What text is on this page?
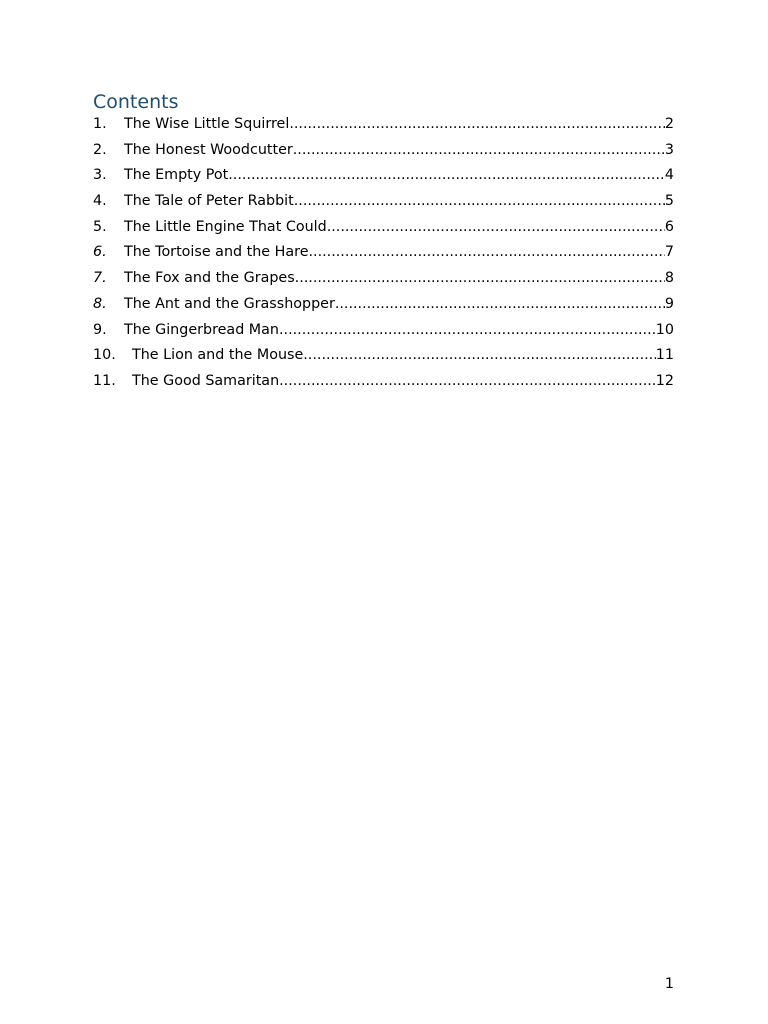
Contents
1.	The Wise Little Squirrel .....	2
2.	The Honest Woodcutter .....	3
3.	The Empty Pot .....	4
4.	The Tale of Peter Rabbit .....	5
5.	The Little Engine That Could .....	6
6.	The Tortoise and the Hare .....	7
7.	The Fox and the Grapes .....	8
8.	The Ant and the Grasshopper .....	9
9.	The Gingerbread Man .....	10
10.	The Lion and the Mouse .....	11
11.	The Good Samaritan .....	12
1
